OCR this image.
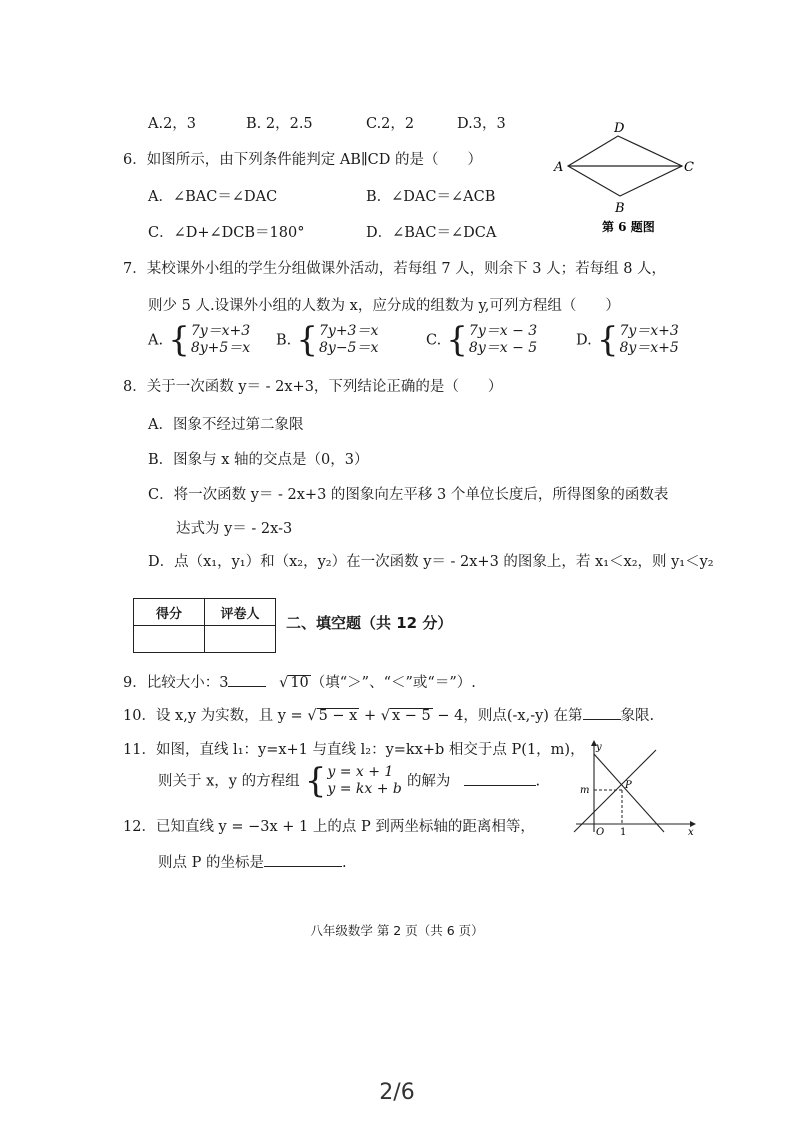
A.2，3	B. 2，2.5	C.2，2	D.3，3
6．如图所示，由下列条件能判定 AB∥CD 的是（　　）
A．∠BAC＝∠DAC	B．∠DAC＝∠ACB
C．∠D+∠DCB＝180°	D．∠BAC＝∠DCA
A
B
C
D
第 6 题图
7．某校课外小组的学生分组做课外活动，若每组 7 人，则余下 3 人；若每组 8 人，
则少 5 人.设课外小组的人数为 x，应分成的组数为 y,可列方程组（　　）
A. { 7y＝x+3
8y+5＝x B. { 7y+3＝x
8y−5＝x	C. { 7y＝x − 3
8y＝x − 5	D. { 7y＝x+3
8y＝x+5
8．关于一次函数 y＝ - 2x+3，下列结论正确的是（　　）
A．图象不经过第二象限
B．图象与 x 轴的交点是（0，3）
C．将一次函数 y＝ - 2x+3 的图象向左平移 3 个单位长度后，所得图象的函数表
达式为 y＝ - 2x-3
D．点（x₁，y₁）和（x₂，y₂）在一次函数 y＝ - 2x+3 的图象上，若 x₁＜x₂，则 y₁＜y₂
得分	评卷人
	二、填空题（共 12 分）
9．比较大小：3	√ 10 （填“＞”、“＜”或“＝”）.
10．设 x,y 为实数，且 y = √ 5 − x + √ x − 5 − 4，则点(-x,-y) 在第	象限.
11．如图，直线 l₁：y=x+1 与直线 l₂：y=kx+b 相交于点 P(1，m)，
则关于 x，y 的方程组 { y = x + 1
y = kx + b 的解为	.
y
x
O 1
m	P
12．已知直线 y = −3x + 1 上的点 P 到两坐标轴的距离相等，
则点 P 的坐标是	.
八年级数学 第 2 页（共 6 页）
2/6
